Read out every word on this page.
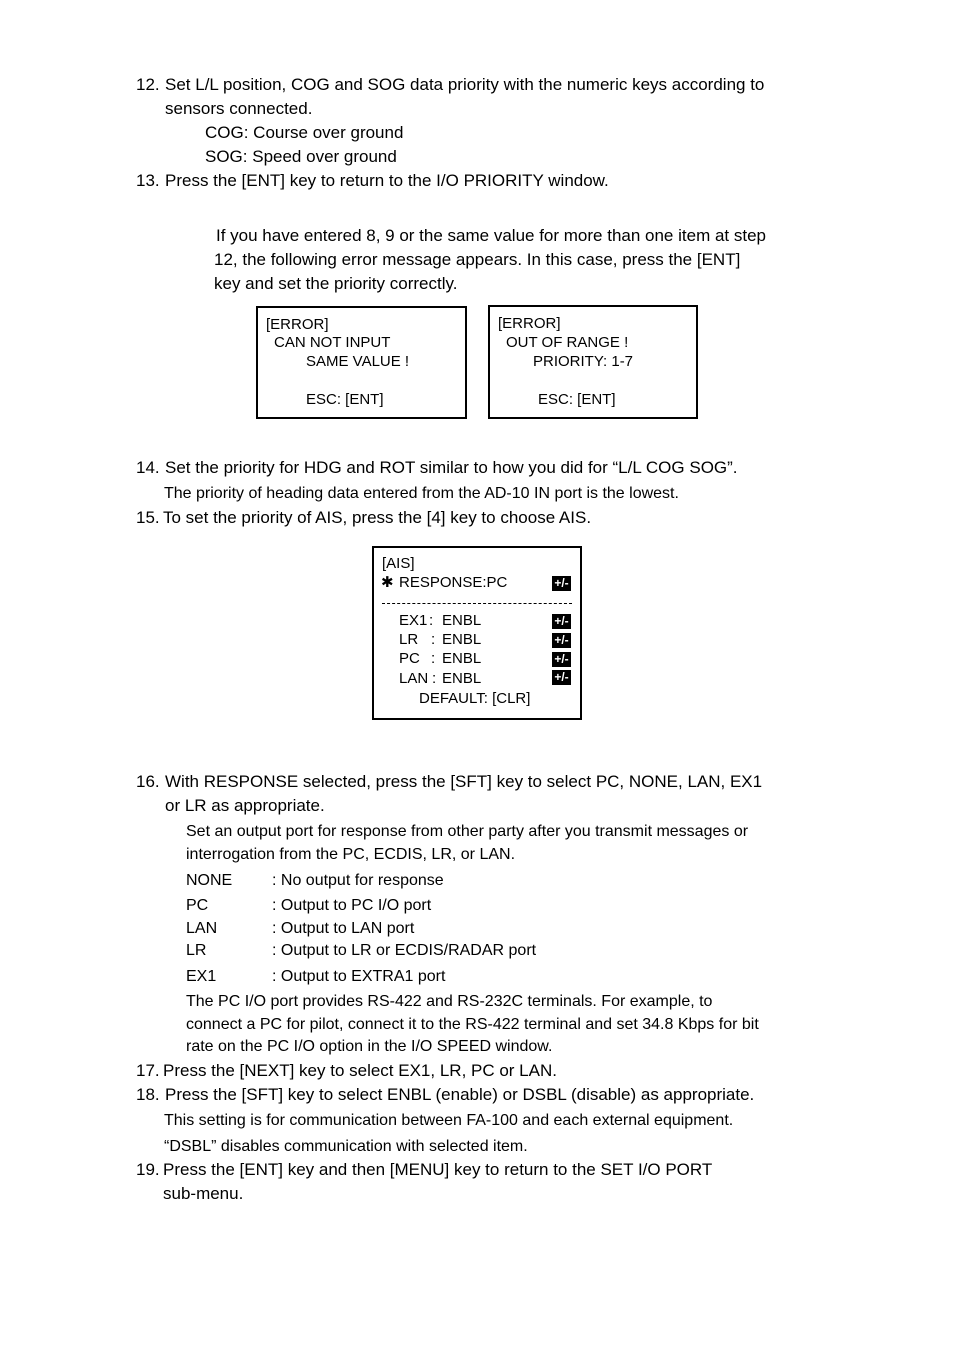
12. Set L/L position, COG and SOG data priority with the numeric keys according to
sensors connected.
COG: Course over ground
SOG: Speed over ground
13. Press the [ENT] key to return to the I/O PRIORITY window.
If you have entered 8, 9 or the same value for more than one item at step
12, the following error message appears. In this case, press the [ENT]
key and set the priority correctly.
[ERROR]
CAN NOT INPUT
SAME VALUE !
ESC: [ENT]
[ERROR]
OUT OF RANGE !
PRIORITY: 1-7
ESC: [ENT]
14. Set the priority for HDG and ROT similar to how you did for “L/L COG SOG”.
The priority of heading data entered from the AD-10 IN port is the lowest.
15. To set the priority of AIS, press the [4] key to choose AIS.
[AIS]
✱ RESPONSE:PC	+/-
EX1 : ENBL	+/-
LR : ENBL	+/-
PC : ENBL	+/-
LAN : ENBL	+/-
DEFAULT: [CLR]
16. With RESPONSE selected, press the [SFT] key to select PC, NONE, LAN, EX1
or LR as appropriate.
Set an output port for response from other party after you transmit messages or
interrogation from the PC, ECDIS, LR, or LAN.
NONE : No output for response
PC	: Output to PC I/O port
LAN	: Output to LAN port
LR	: Output to LR or ECDIS/RADAR port
EX1	: Output to EXTRA1 port
The PC I/O port provides RS-422 and RS-232C terminals. For example, to
connect a PC for pilot, connect it to the RS-422 terminal and set 34.8 Kbps for bit
rate on the PC I/O option in the I/O SPEED window.
17. Press the [NEXT] key to select EX1, LR, PC or LAN.
18. Press the [SFT] key to select ENBL (enable) or DSBL (disable) as appropriate.
This setting is for communication between FA-100 and each external equipment.
“DSBL” disables communication with selected item.
19. Press the [ENT] key and then [MENU] key to return to the SET I/O PORT
sub-menu.
